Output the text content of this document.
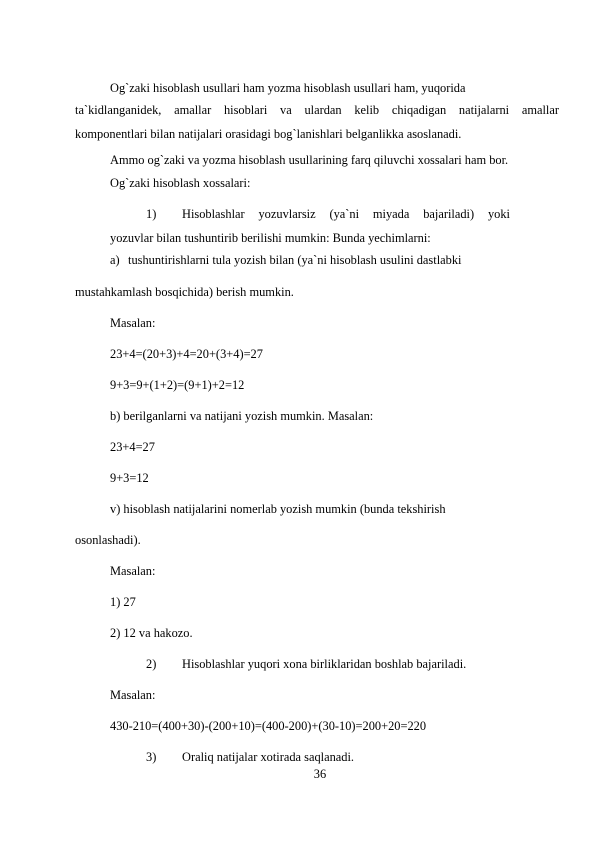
Og`zaki hisoblash usullari ham yozma hisoblash usullari ham, yuqorida
ta`kidlanganidek, amallar hisoblari va ulardan kelib chiqadigan natijalarni amallar
komponentlari bilan natijalari orasidagi bog`lanishlari belganlikka asoslanadi.
Ammo og`zaki va yozma hisoblash usullarining farq qiluvchi xossalari ham bor.
Og`zaki hisoblash xossalari:
1) Hisoblashlar yozuvlarsiz (ya`ni miyada bajariladi) yoki
yozuvlar bilan tushuntirib berilishi mumkin: Bunda yechimlarni:
a) tushuntirishlarni tula yozish bilan (ya`ni hisoblash usulini dastlabki
mustahkamlash bosqichida) berish mumkin.
Masalan:
23+4=(20+3)+4=20+(3+4)=27
9+3=9+(1+2)=(9+1)+2=12
b) berilganlarni va natijani yozish mumkin. Masalan:
23+4=27
9+3=12
v) hisoblash natijalarini nomerlab yozish mumkin (bunda tekshirish
osonlashadi).
Masalan:
1) 27
2) 12 va hakozo.
2) Hisoblashlar yuqori xona birliklaridan boshlab bajariladi.
Masalan:
430-210=(400+30)-(200+10)=(400-200)+(30-10)=200+20=220
3) Oraliq natijalar xotirada saqlanadi.
36
